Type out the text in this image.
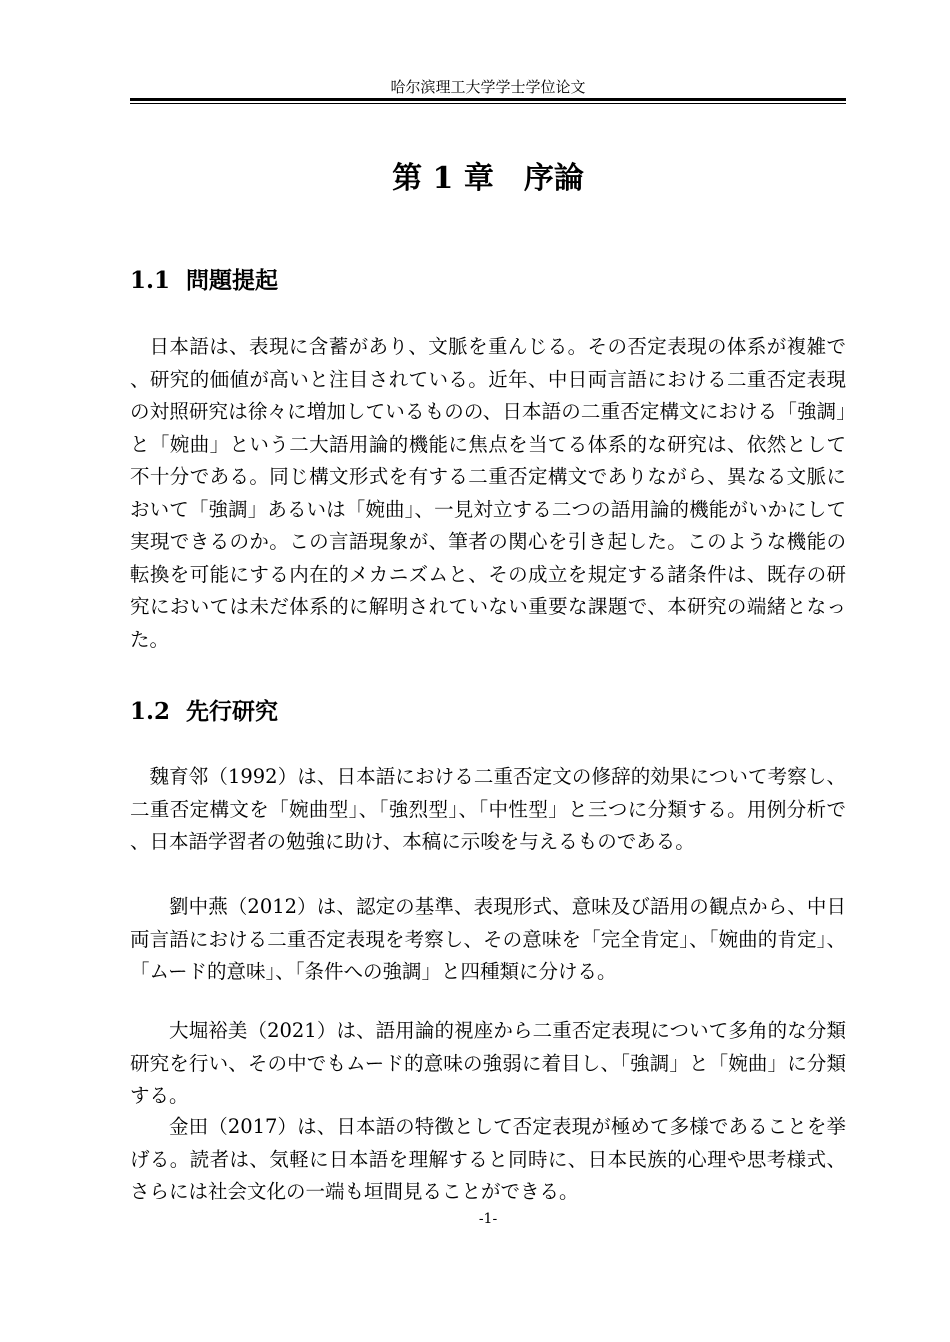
哈尔滨理工大学学士学位论文
第 1 章　序論
1.1  問題提起

日本語は、表現に含蓄があり、文脈を重んじる。その否定表現の体系が複雑で、研究的価値が高いと注目されている。近年、中日両言語における二重否定表現の対照研究は徐々に増加しているものの、日本語の二重否定構文における「強調」と「婉曲」という二大語用論的機能に焦点を当てる体系的な研究は、依然として不十分である。同じ構文形式を有する二重否定構文でありながら、異なる文脈において「強調」あるいは「婉曲」、一見対立する二つの語用論的機能がいかにして実現できるのか。この言語現象が、筆者の関心を引き起した。このような機能の転換を可能にする内在的メカニズムと、その成立を規定する諸条件は、既存の研究においては未だ体系的に解明されていない重要な課題で、本研究の端緒となった。

1.2  先行研究

魏育邻（1992）は、日本語における二重否定文の修辞的効果について考察し、二重否定構文を「婉曲型」、「強烈型」、「中性型」と三つに分類する。用例分析で、日本語学習者の勉強に助け、本稿に示唆を与えるものである。

劉中燕（2012）は、認定の基準、表現形式、意味及び語用の観点から、中日両言語における二重否定表現を考察し、その意味を「完全肯定」、「婉曲的肯定」、「ムード的意味」、「条件への強調」と四種類に分ける。

大堀裕美（2021）は、語用論的視座から二重否定表現について多角的な分類研究を行い、その中でもムード的意味の強弱に着目し、「強調」と「婉曲」に分類する。

金田（2017）は、日本語の特徴として否定表現が極めて多様であることを挙げる。読者は、気軽に日本語を理解すると同時に、日本民族的心理や思考様式、さらには社会文化の一端も垣間見ることができる。

-1-
